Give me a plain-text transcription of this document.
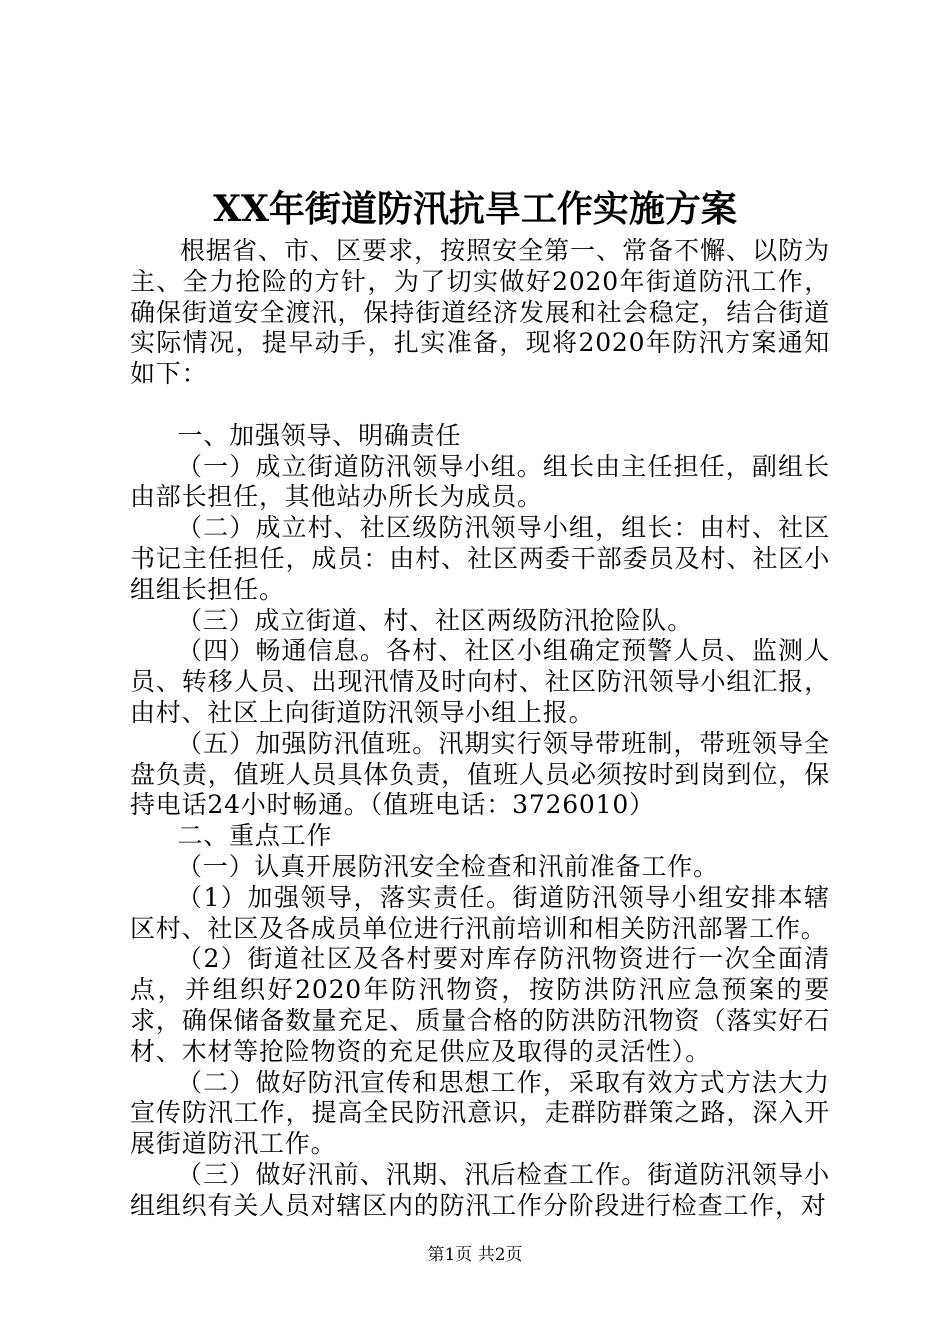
XX年街道防汛抗旱工作实施方案

根据省、市、区要求，按照安全第一、常备不懈、以防为主、全力抢险的方针，为了切实做好2020年街道防汛工作，确保街道安全渡汛，保持街道经济发展和社会稳定，结合街道实际情况，提早动手，扎实准备，现将2020年防汛方案通知如下：

一、加强领导、明确责任

（一）成立街道防汛领导小组。组长由主任担任，副组长由部长担任，其他站办所长为成员。

（二）成立村、社区级防汛领导小组，组长：由村、社区书记主任担任，成员：由村、社区两委干部委员及村、社区小组组长担任。

（三）成立街道、村、社区两级防汛抢险队。

（四）畅通信息。各村、社区小组确定预警人员、监测人员、转移人员、出现汛情及时向村、社区防汛领导小组汇报，由村、社区上向街道防汛领导小组上报。

（五）加强防汛值班。汛期实行领导带班制，带班领导全盘负责，值班人员具体负责，值班人员必须按时到岗到位，保持电话24小时畅通。（值班电话：3726010）

二、重点工作

（一）认真开展防汛安全检查和汛前准备工作。

（1）加强领导，落实责任。街道防汛领导小组安排本辖区村、社区及各成员单位进行汛前培训和相关防汛部署工作。

（2）街道社区及各村要对库存防汛物资进行一次全面清点，并组织好2020年防汛物资，按防洪防汛应急预案的要求，确保储备数量充足、质量合格的防洪防汛物资（落实好石材、木材等抢险物资的充足供应及取得的灵活性）。

（二）做好防汛宣传和思想工作，采取有效方式方法大力宣传防汛工作，提高全民防汛意识，走群防群策之路，深入开展街道防汛工作。

（三）做好汛前、汛期、汛后检查工作。街道防汛领导小组组织有关人员对辖区内的防汛工作分阶段进行检查工作，对

第1页 共2页
